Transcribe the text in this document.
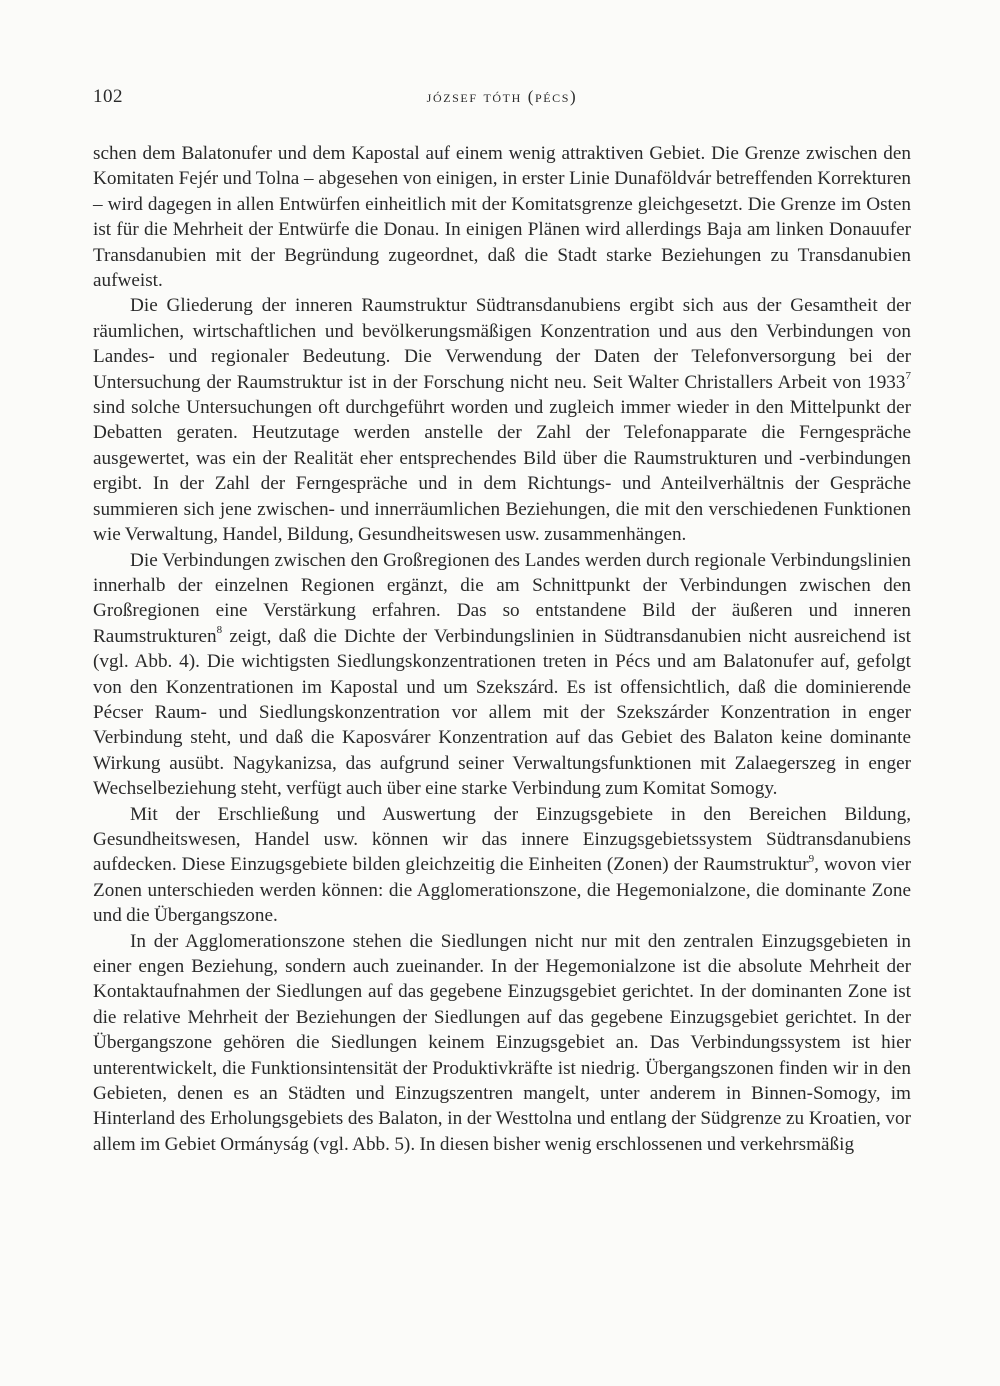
102	józsef tóth (pécs)

schen dem Balatonufer und dem Kapostal auf einem wenig attraktiven Gebiet. Die Grenze zwischen den Komitaten Fejér und Tolna – abgesehen von einigen, in erster Linie Dunaföldvár betreffenden Korrekturen – wird dagegen in allen Entwürfen einheitlich mit der Komitatsgrenze gleichgesetzt. Die Grenze im Osten ist für die Mehrheit der Entwürfe die Donau. In einigen Plänen wird allerdings Baja am linken Donauufer Transdanubien mit der Begründung zugeordnet, daß die Stadt starke Beziehungen zu Transdanubien aufweist.

Die Gliederung der inneren Raumstruktur Südtransdanubiens ergibt sich aus der Gesamtheit der räumlichen, wirtschaftlichen und bevölkerungsmäßigen Konzentration und aus den Verbindungen von Landes- und regionaler Bedeutung. Die Verwendung der Daten der Telefonversorgung bei der Untersuchung der Raumstruktur ist in der Forschung nicht neu. Seit Walter Christallers Arbeit von 1933$^7$ sind solche Untersuchungen oft durchgeführt worden und zugleich immer wieder in den Mittelpunkt der Debatten geraten. Heutzutage werden anstelle der Zahl der Telefonapparate die Ferngespräche ausgewertet, was ein der Realität eher entsprechendes Bild über die Raumstrukturen und -verbindungen ergibt. In der Zahl der Ferngespräche und in dem Richtungs- und Anteilverhältnis der Gespräche summieren sich jene zwischen- und innerräumlichen Beziehungen, die mit den verschiedenen Funktionen wie Verwaltung, Handel, Bildung, Gesundheitswesen usw. zusammenhängen.

Die Verbindungen zwischen den Großregionen des Landes werden durch regionale Verbindungslinien innerhalb der einzelnen Regionen ergänzt, die am Schnittpunkt der Verbindungen zwischen den Großregionen eine Verstärkung erfahren. Das so entstandene Bild der äußeren und inneren Raumstrukturen$^8$ zeigt, daß die Dichte der Verbindungslinien in Südtransdanubien nicht ausreichend ist (vgl. Abb. 4). Die wichtigsten Siedlungskonzentrationen treten in Pécs und am Balatonufer auf, gefolgt von den Konzentrationen im Kapostal und um Szekszárd. Es ist offensichtlich, daß die dominierende Pécser Raum- und Siedlungskonzentration vor allem mit der Szekszárder Konzentration in enger Verbindung steht, und daß die Kaposvárer Konzentration auf das Gebiet des Balaton keine dominante Wirkung ausübt. Nagykanizsa, das aufgrund seiner Verwaltungsfunktionen mit Zalaegerszeg in enger Wechselbeziehung steht, verfügt auch über eine starke Verbindung zum Komitat Somogy.

Mit der Erschließung und Auswertung der Einzugsgebiete in den Bereichen Bildung, Gesundheitswesen, Handel usw. können wir das innere Einzugsgebietssystem Südtransdanubiens aufdecken. Diese Einzugsgebiete bilden gleichzeitig die Einheiten (Zonen) der Raumstruktur$^9$, wovon vier Zonen unterschieden werden können: die Agglomerationszone, die Hegemonialzone, die dominante Zone und die Übergangszone.

In der Agglomerationszone stehen die Siedlungen nicht nur mit den zentralen Einzugsgebieten in einer engen Beziehung, sondern auch zueinander. In der Hegemonialzone ist die absolute Mehrheit der Kontaktaufnahmen der Siedlungen auf das gegebene Einzugsgebiet gerichtet. In der dominanten Zone ist die relative Mehrheit der Beziehungen der Siedlungen auf das gegebene Einzugsgebiet gerichtet. In der Übergangszone gehören die Siedlungen keinem Einzugsgebiet an. Das Verbindungssystem ist hier unterentwickelt, die Funktionsintensität der Produktivkräfte ist niedrig. Übergangszonen finden wir in den Gebieten, denen es an Städten und Einzugszentren mangelt, unter anderem in Binnen-Somogy, im Hinterland des Erholungsgebiets des Balaton, in der Westtolna und entlang der Südgrenze zu Kroatien, vor allem im Gebiet Ormányság (vgl. Abb. 5). In diesen bisher wenig erschlossenen und verkehrsmäßig
